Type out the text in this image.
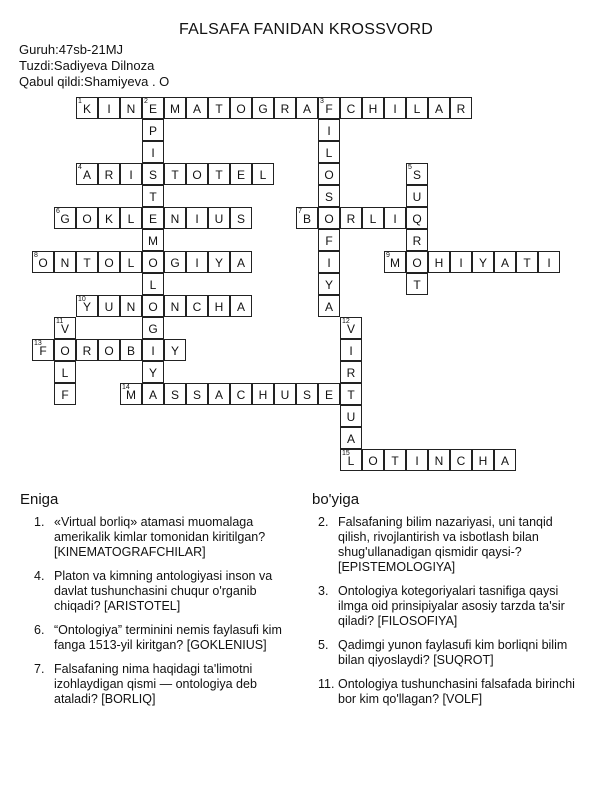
FALSAFA FANIDAN KROSSVORD
Guruh:47sb-21MJ
Tuzdi:Sadiyeva Dilnoza
Qabul qildi:Shamiyeva . O
K
1
I	N	E
2
M	A	T	O	G	R	A	F
3
C	H	I	L	A	R
A
4
R	I	S	T	O	T	E	L
G
6
O	K	L	E	N	I	U	S	B
7
O	R	L	I	Q
O
8
N	T	O	L	O	G	I	Y	A	M
9
O	H	I	Y	A	T	I
Y
10
U	N	O	N	C	H	A
F
13
O	R	O	B	I	Y
M
14
A	S	S	A	C	H	U	S	E	T
L
15
O	T	I	N	C	H	A
P
I
T
M
L
G
Y
I
L
O
S
F
I
Y
A
S
5
U
R
T
V
11
L
F
V
12
I
R
U
A
Eniga	bo'yiga
1. «Virtual borliq» atamasi muomalaga amerikalik kimlar tomonidan kiritilgan? [KINEMATOGRAFCHILAR]
4. Platon va kimning antologiyasi inson va davlat tushunchasini chuqur o'rganib chiqadi? [ARISTOTEL]
6. “Ontologiya” terminini nemis faylasufi kim fanga 1513-yil kiritgan? [GOKLENIUS]
7. Falsafaning nima haqidagi ta'limotni izohlaydigan qismi — ontologiya deb ataladi? [BORLIQ]
2. Falsafaning bilim nazariyasi, uni tanqid qilish, rivojlantirish va isbotlash bilan shug'ullanadigan qismidir qaysi-? [EPISTEMOLOGIYA]
3. Ontologiya kotegoriyalari tasnifiga qaysi ilmga oid prinsipiyalar asosiy tarzda ta'sir qiladi? [FILOSOFIYA]
5. Qadimgi yunon faylasufi kim borliqni bilim bilan qiyoslaydi? [SUQROT]
11. Ontologiya tushunchasini falsafada birinchi bor kim qo'llagan? [VOLF]
